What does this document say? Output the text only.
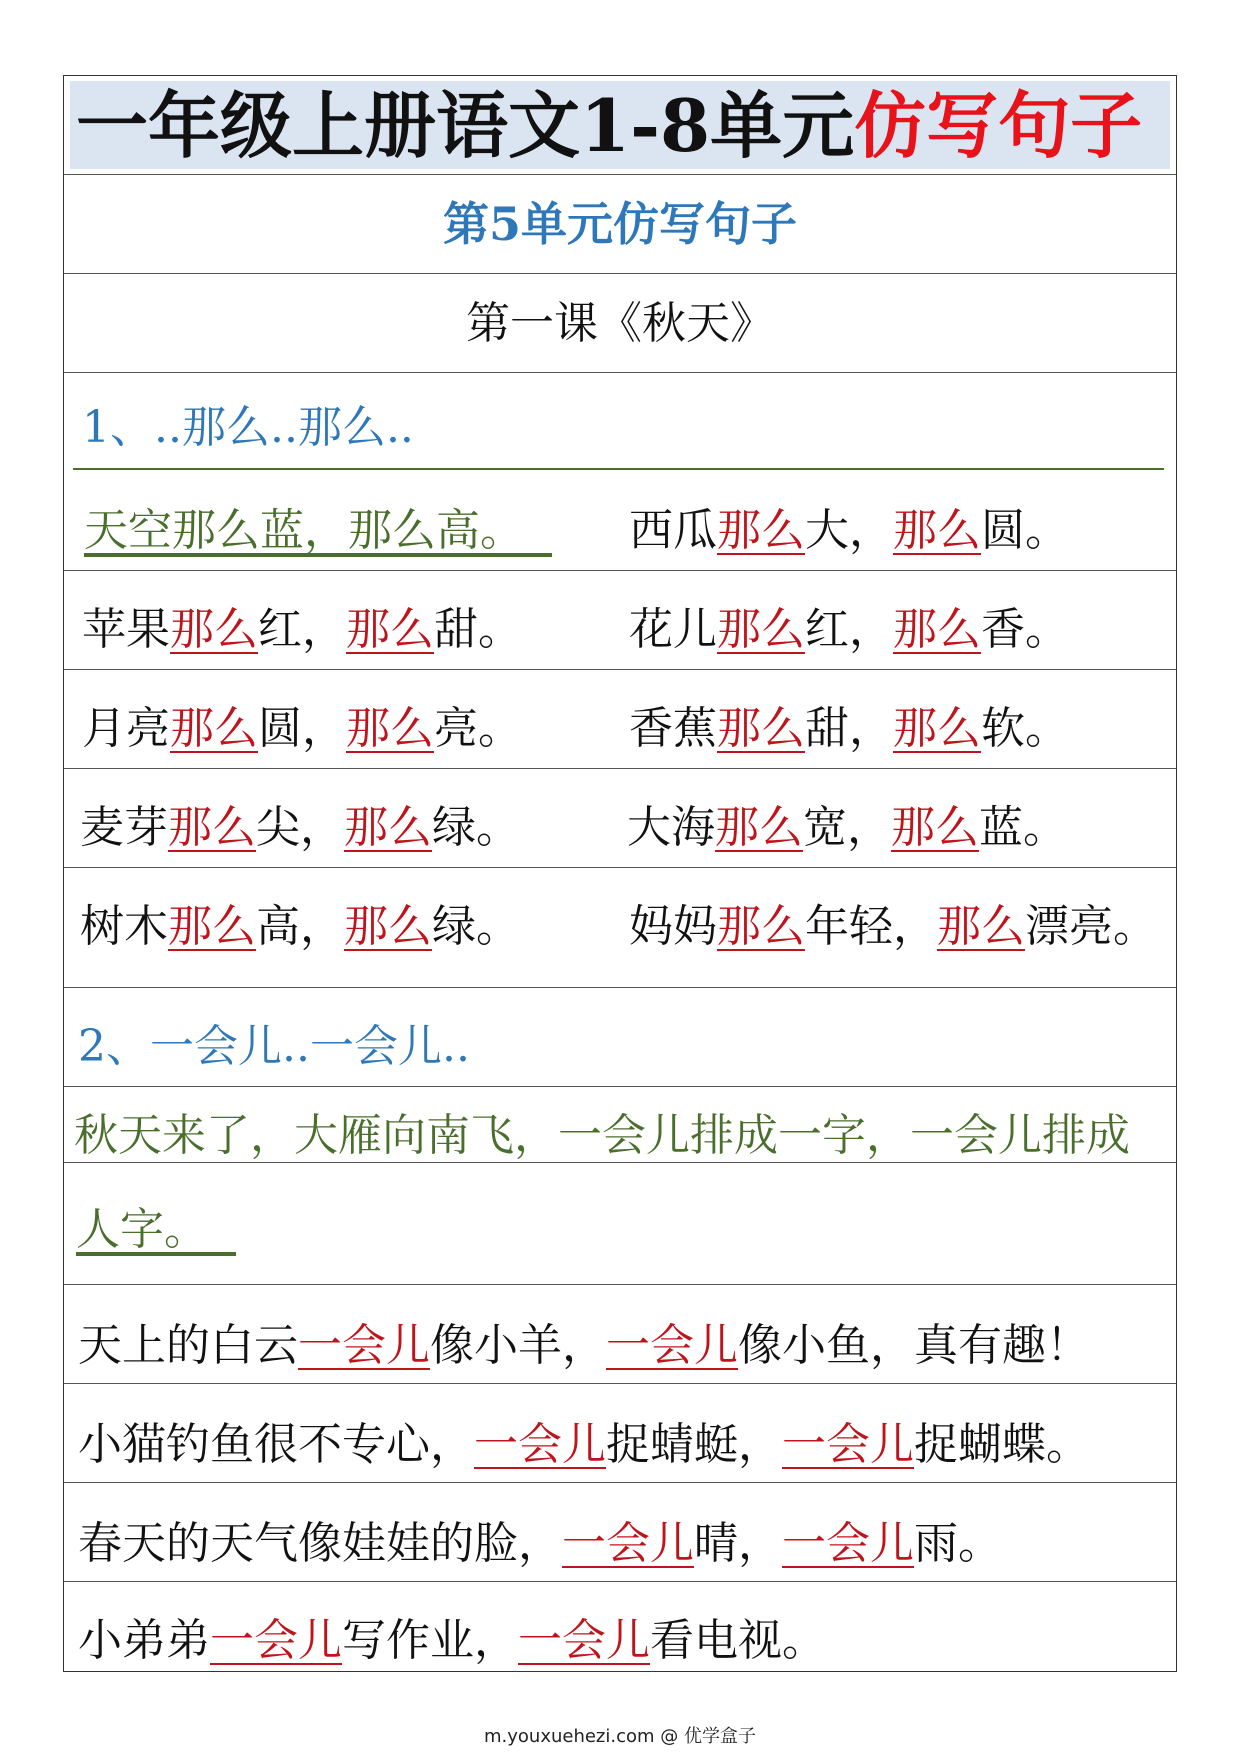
一年级上册语文1-8单元仿写句子
第5单元仿写句子
第一课《秋天》
1、..那么..那么..
天空那么蓝，那么高。	西瓜那么大，那么圆。
苹果那么红，那么甜。 花儿那么红，那么香。
月亮那么圆，那么亮。 香蕉那么甜，那么软。
麦芽那么尖，那么绿。 大海那么宽，那么蓝。
树木那么高，那么绿。 妈妈那么年轻，那么漂亮。
2、一会儿..一会儿..
秋天来了，大雁向南飞，一会儿排成一字，一会儿排成
人字。
天上的白云一会儿像小羊，一会儿像小鱼，真有趣！
小猫钓鱼很不专心，一会儿捉蜻蜓，一会儿捉蝴蝶。
春天的天气像娃娃的脸，一会儿晴，一会儿雨。
小弟弟一会儿写作业，一会儿看电视。
m.youxuehezi.com @ 优学盒子
